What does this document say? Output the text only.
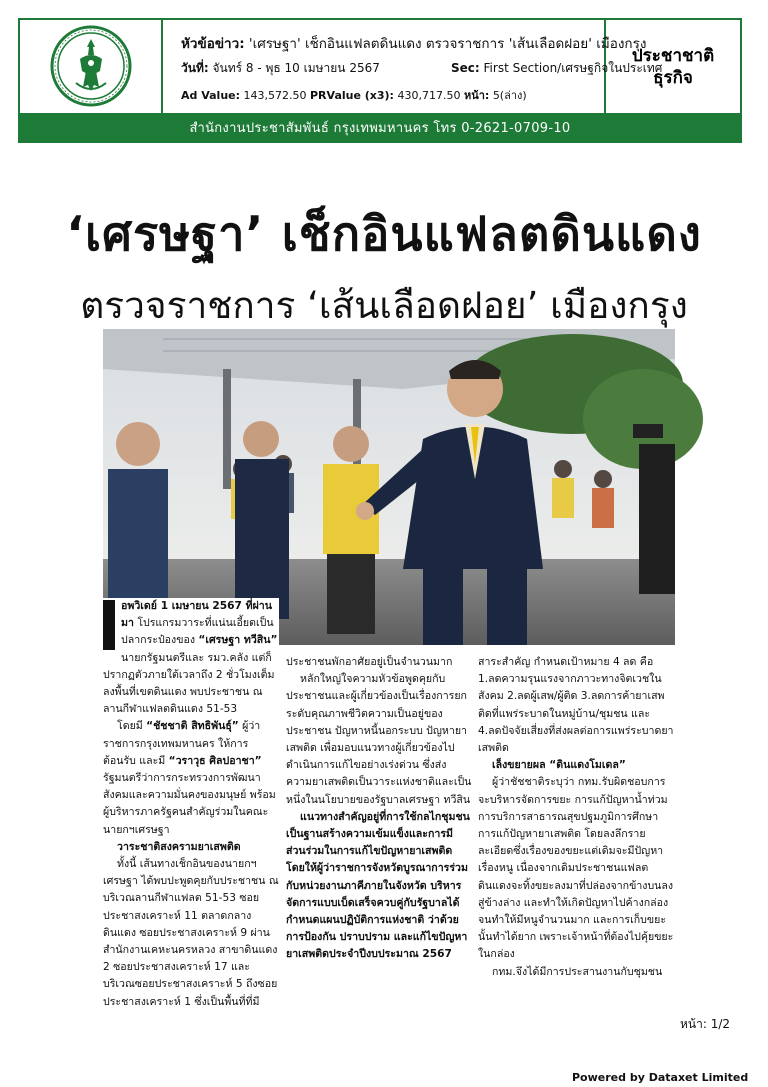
หัวข้อข่าว: 'เศรษฐา' เช็กอินแฟลตดินแดง ตรวจราชการ 'เส้นเลือดฝอย' เมืองกรุง
วันที่: จันทร์ 8 - พุธ 10 เมษายน 2567	Sec: First Section/เศรษฐกิจในประเทศ
Ad Value: 143,572.50 PRValue (x3): 430,717.50 หน้า: 5(ล่าง)
ประชาชาติ
ธุรกิจ
สำนักงานประชาสัมพันธ์ กรุงเทพมหานคร โทร 0-2621-0709-10
‘เศรษฐา’ เช็กอินแฟลตดินแดง
ตรวจราชการ ‘เส้นเลือดฝอย’ เมืองกรุง

อพวิเดย์ 1 เมษายน 2567 ที่ผ่านมา โปรแกรมวาระที่แน่นเอี้ยดเป็นปลากระป๋องของ “เศรษฐา ทวีสิน” นายกรัฐมนตรีและ รมว.คลัง แต่ก็ปรากฏตัวภายใต้เวลาถึง 2 ชั่วโมงเต็ม ลงพื้นที่เขตดินแดง พบประชาชน ณ ลานกีฬาแฟลตดินแดง 51-53

โดยมี “ชัชชาติ สิทธิพันธุ์” ผู้ว่าราชการกรุงเทพมหานคร ให้การต้อนรับ และมี “วราวุธ ศิลปอาชา” รัฐมนตรีว่าการกระทรวงการพัฒนาสังคมและความมั่นคงของมนุษย์ พร้อมผู้บริหารภาครัฐคนสำคัญร่วมในคณะนายกฯเศรษฐา

วาระชาติสงครามยาเสพติด

ทั้งนี้ เส้นทางเช็กอินของนายกฯ เศรษฐา ได้พบปะพูดคุยกับประชาชน ณ บริเวณลานกีฬาแฟลต 51-53 ซอยประชาสงเคราะห์ 11 ตลาดกลางดินแดง ซอยประชาสงเคราะห์ 9 ผ่านสำนักงานเคหะนครหลวง สาขาดินแดง 2 ซอยประชาสงเคราะห์ 17 และบริเวณซอยประชาสงเคราะห์ 5 ถึงซอยประชาสงเคราะห์ 1 ซึ่งเป็นพื้นที่ที่มี

ประชาชนพักอาศัยอยู่เป็นจำนวนมาก

หลักใหญ่ใจความหัวข้อพูดคุยกับประชาชนและผู้เกี่ยวข้องเป็นเรื่องการยกระดับคุณภาพชีวิตความเป็นอยู่ของประชาชน ปัญหาหนี้นอกระบบ ปัญหายาเสพติด เพื่อมอบแนวทางผู้เกี่ยวข้องไปดำเนินการแก้ไขอย่างเร่งด่วน ซึ่งส่งความยาเสพติดเป็นวาระแห่งชาติและเป็นหนึ่งในนโยบายของรัฐบาลเศรษฐา ทวีสิน

แนวทางสำคัญอยู่ที่การใช้กลไกชุมชน เป็นฐานสร้างความเข้มแข็งและการมีส่วนร่วมในการแก้ไขปัญหายาเสพติด โดยให้ผู้ว่าราชการจังหวัดบูรณาการร่วมกับหน่วยงานภาคีภายในจังหวัด บริหารจัดการแบบเบ็ดเสร็จควบคู่กับรัฐบาลได้กำหนดแผนปฏิบัติการแห่งชาติ ว่าด้วยการป้องกัน ปราบปราม และแก้ไขปัญหายาเสพติดประจำปีงบประมาณ 2567

สาระสำคัญ กำหนดเป้าหมาย 4 ลด คือ 1.ลดความรุนแรงจากภาวะทางจิตเวชในสังคม 2.ลดผู้เสพ/ผู้ติด 3.ลดการค้ายาเสพติดที่แพร่ระบาดในหมู่บ้าน/ชุมชน และ 4.ลดปัจจัยเสี่ยงที่ส่งผลต่อการแพร่ระบาดยาเสพติด

เล็งขยายผล “ดินแดงโมเดล”

ผู้ว่าชัชชาติระบุว่า กทม.รับผิดชอบการจะบริหารจัดการขยะ การแก้ปัญหาน้ำท่วม การบริการสาธารณสุขปฐมภูมิการศึกษา การแก้ปัญหายาเสพติด โดยลงลึกรายละเอียดซึ่งเรื่องของขยะแต่เดิมจะมีปัญหาเรื่องหนู เนื่องจากเดิมประชาชนแฟลตดินแดงจะทิ้งขยะลงมาที่ปล่องจากข้างบนลงสู่ข้างล่าง และทำให้เกิดปัญหาไปค้างกล่อง จนทำให้มีหนูจำนวนมาก และการเก็บขยะนั้นทำได้ยาก เพราะเจ้าหน้าที่ต้องไปคุ้ยขยะในกล่อง

กทม.จึงได้มีการประสานงานกับชุมชน

หน้า: 1/2
Powered by Dataxet Limited
